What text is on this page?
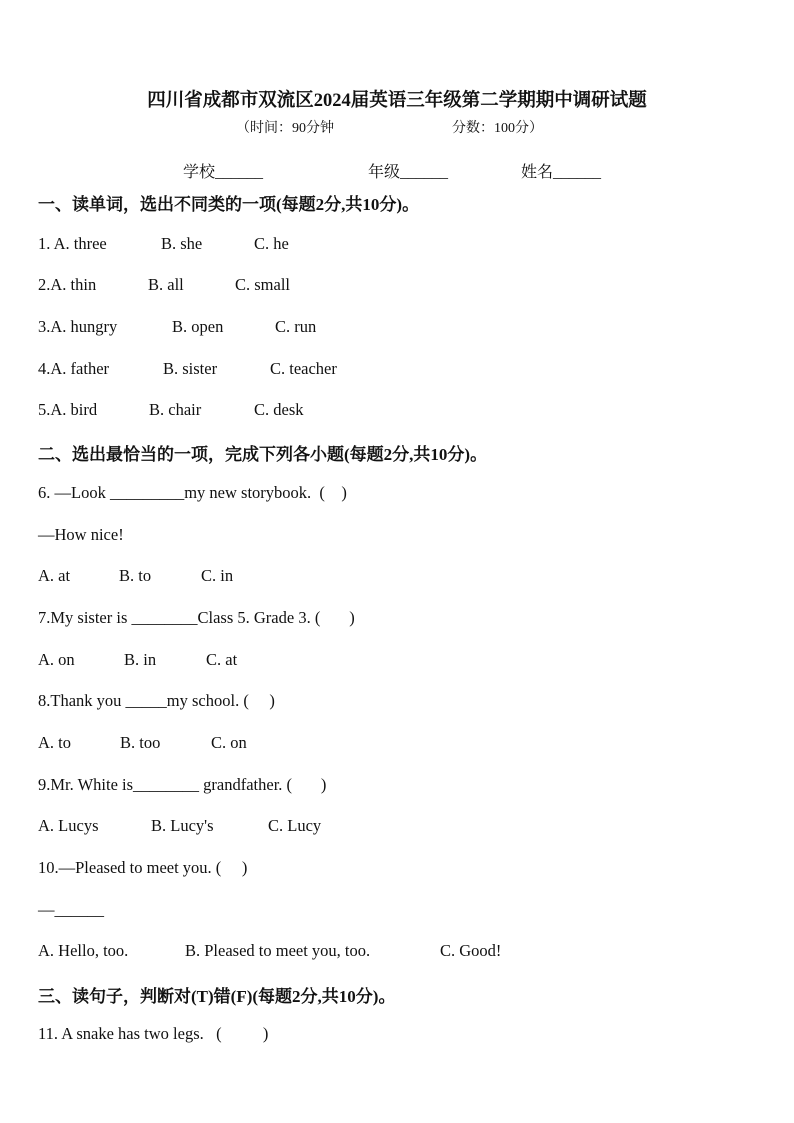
四川省成都市双流区2024届英语三年级第二学期期中调研试题
（时间：90分钟	分数：100分）
学校______	年级______	姓名______
一、读单词，选出不同类的一项(每题2分,共10分)。
1. A. three	B. she	C. he
2.A. thin	B. all	C. small
3.A. hungry	B. open	C. run
4.A. father	B. sister	C. teacher
5.A. bird	B. chair	C. desk
二、选出最恰当的一项，完成下列各小题(每题2分,共10分)。
6. —Look _________my new storybook.  (    )
—How nice!
A. at	B. to	C. in
7.My sister is ________Class 5. Grade 3. (       )
A. on	B. in	C. at
8.Thank you _____my school. (     )
A. to	B. too	C. on
9.Mr. White is________ grandfather. (       )
A. Lucys	B. Lucy's	C. Lucy
10.—Pleased to meet you. (     )
—______
A. Hello, too.	B. Pleased to meet you, too.	C. Good!
三、读句子，判断对(T)错(F)(每题2分,共10分)。
11. A snake has two legs.   (          )
